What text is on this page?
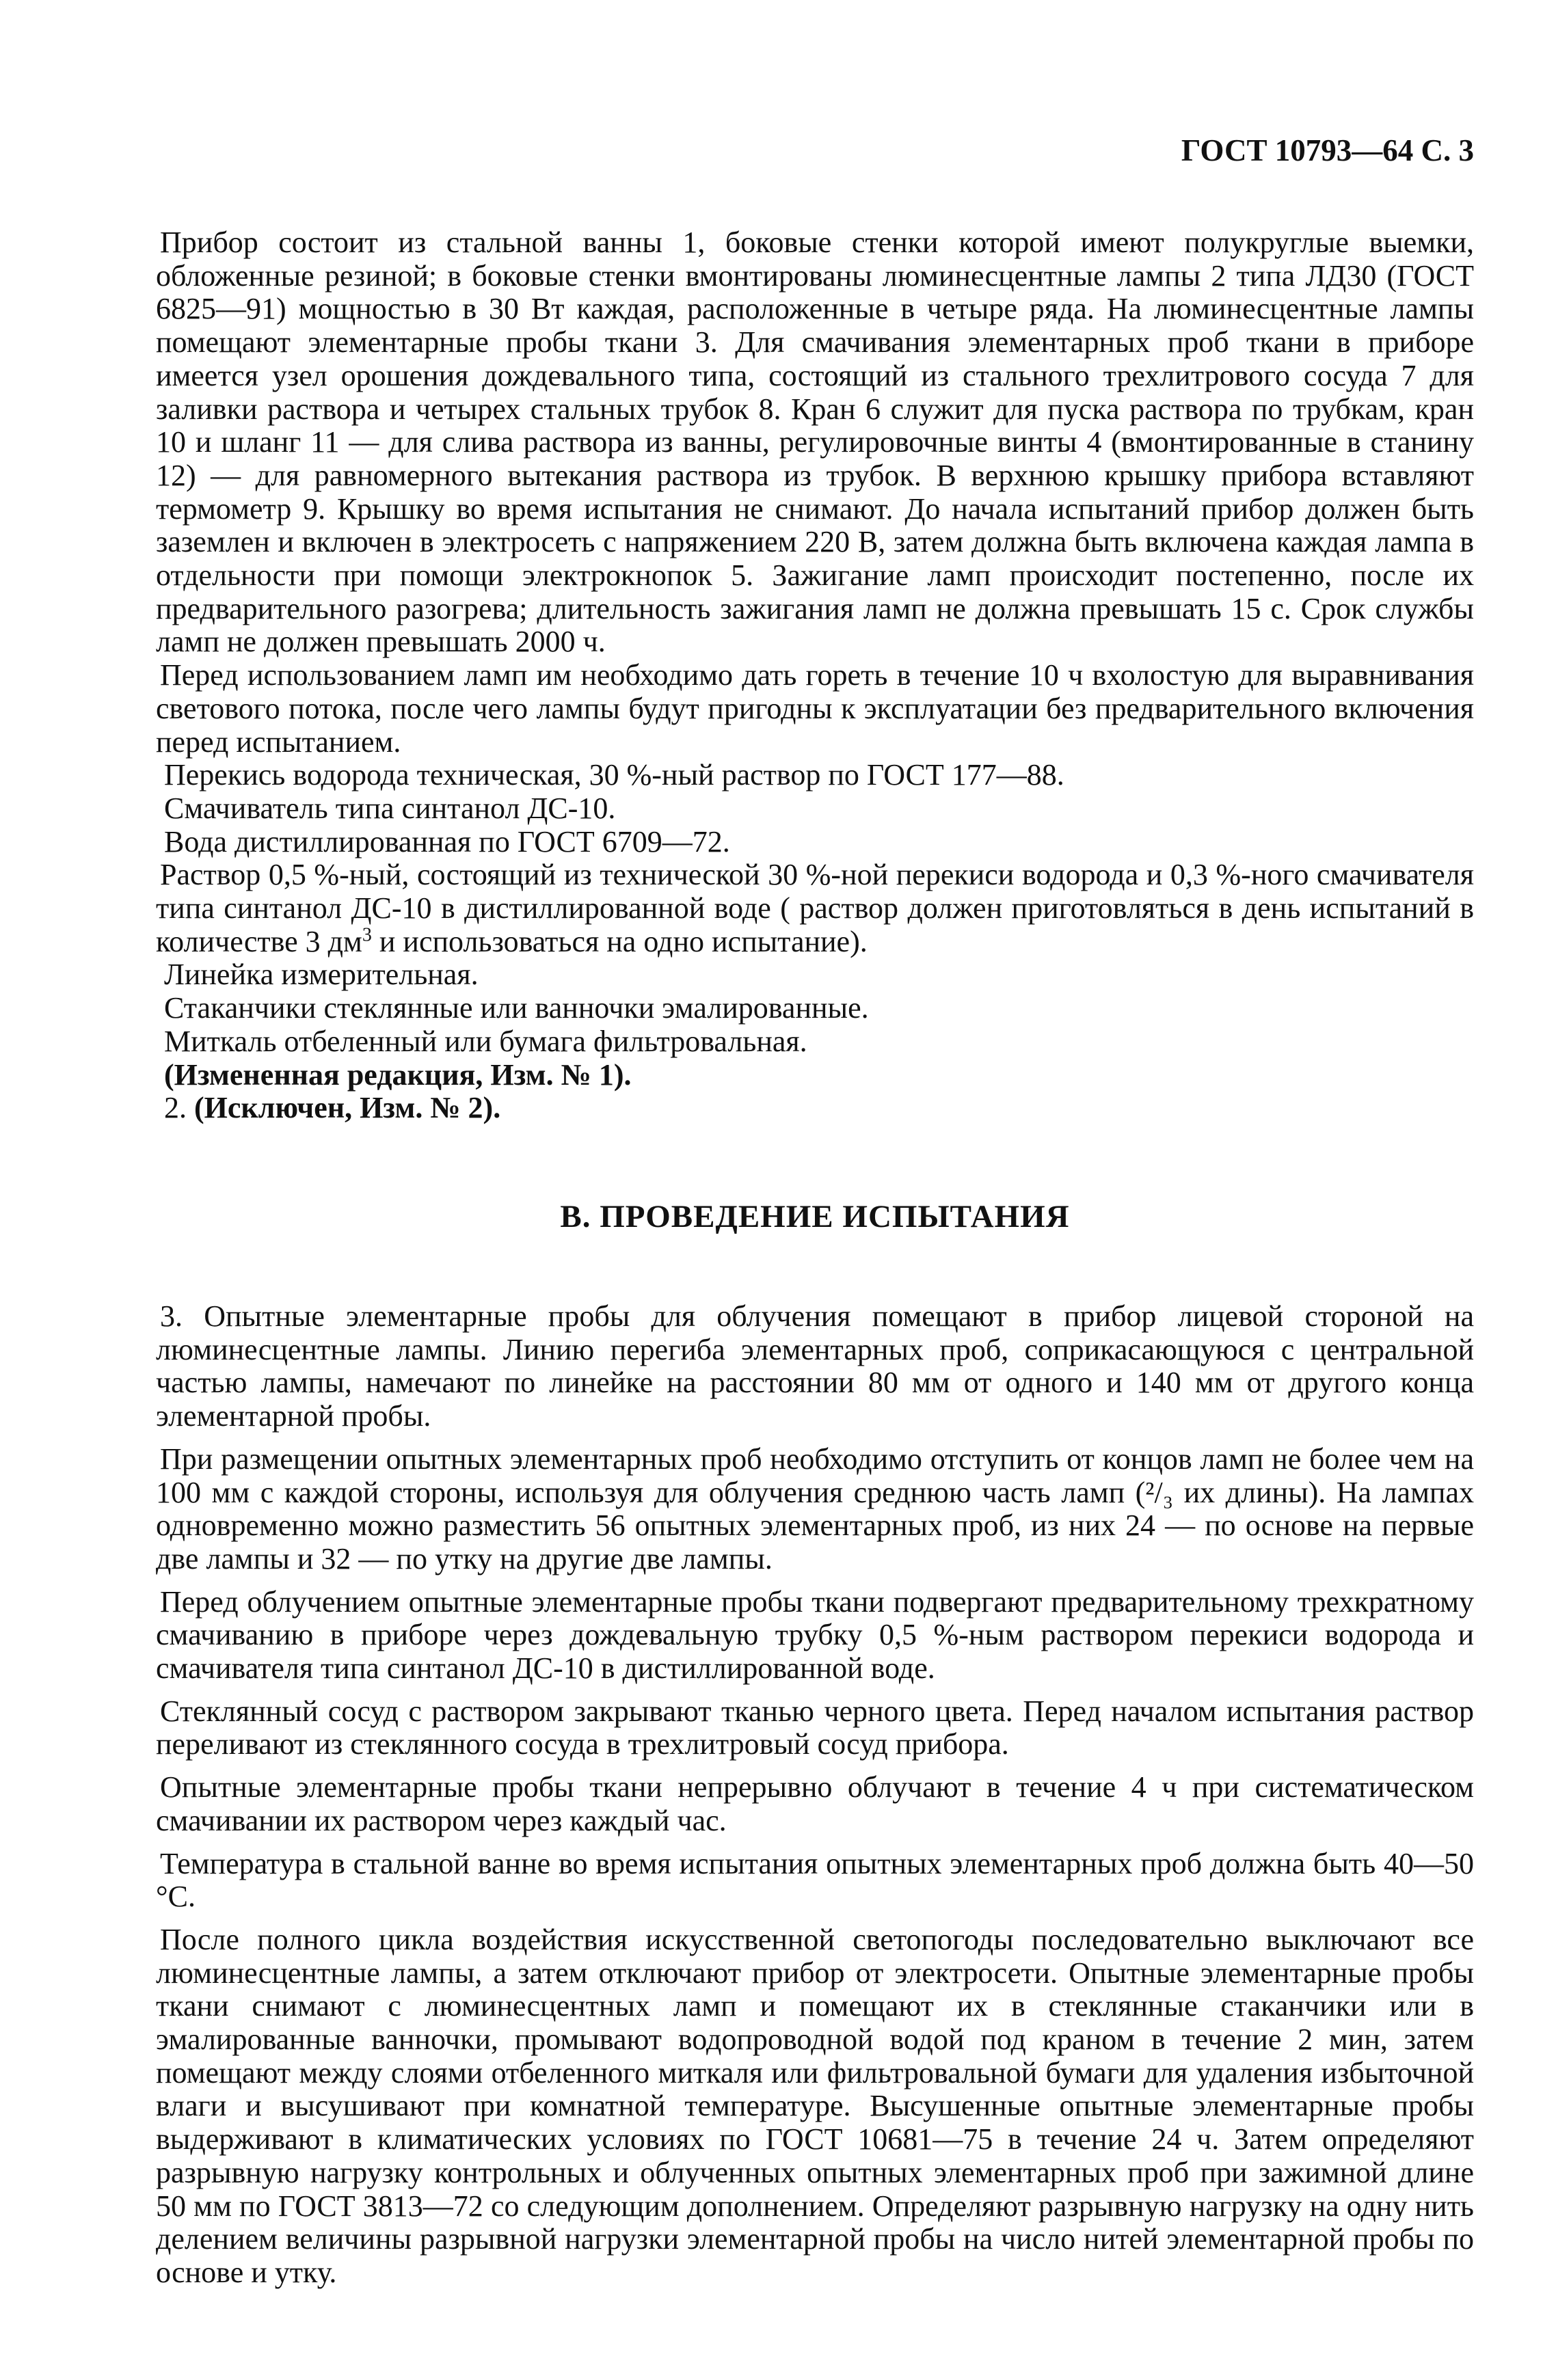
ГОСТ 10793—64 С. 3

Прибор состоит из стальной ванны 1, боковые стенки которой имеют полукруглые выемки, обложенные резиной; в боковые стенки вмонтированы люминесцентные лампы 2 типа ЛД30 (ГОСТ 6825—91) мощностью в 30 Вт каждая, расположенные в четыре ряда. На люминесцентные лампы помещают элементарные пробы ткани 3. Для смачивания элементарных проб ткани в приборе имеется узел орошения дождевального типа, состоящий из стального трехлитрового сосуда 7 для заливки раствора и четырех стальных трубок 8. Кран 6 служит для пуска раствора по трубкам, кран 10 и шланг 11 — для слива раствора из ванны, регулировочные винты 4 (вмонтированные в станину 12) — для равномерного вытекания раствора из трубок. В верхнюю крышку прибора вставляют термометр 9. Крышку во время испытания не снимают. До начала испытаний прибор должен быть заземлен и включен в электросеть с напряжением 220 В, затем должна быть включена каждая лампа в отдельности при помощи электрокнопок 5. Зажигание ламп происходит постепенно, после их предварительного разогрева; длительность зажигания ламп не должна превышать 15 с. Срок службы ламп не должен превышать 2000 ч.

Перед использованием ламп им необходимо дать гореть в течение 10 ч вхолостую для выравнивания светового потока, после чего лампы будут пригодны к эксплуатации без предварительного включения перед испытанием.

Перекись водорода техническая, 30 %-ный раствор по ГОСТ 177—88.

Смачиватель типа синтанол ДС-10.

Вода дистиллированная по ГОСТ 6709—72.

Раствор 0,5 %-ный, состоящий из технической 30 %-ной перекиси водорода и 0,3 %-ного смачивателя типа синтанол ДС-10 в дистиллированной воде ( раствор должен приготовляться в день испытаний в количестве 3 $дм^3$ и использоваться на одно испытание).

Линейка измерительная.

Стаканчики стеклянные или ванночки эмалированные.

Миткаль отбеленный или бумага фильтровальная.

(Измененная редакция, Изм. № 1).

2. (Исключен, Изм. № 2).

В. ПРОВЕДЕНИЕ ИСПЫТАНИЯ

3. Опытные элементарные пробы для облучения помещают в прибор лицевой стороной на люминесцентные лампы. Линию перегиба элементарных проб, соприкасающуюся с центральной частью лампы, намечают по линейке на расстоянии 80 мм от одного и 140 мм от другого конца элементарной пробы.

При размещении опытных элементарных проб необходимо отступить от концов ламп не более чем на 100 мм с каждой стороны, используя для облучения среднюю часть ламп (²/₃ их длины). На лампах одновременно можно разместить 56 опытных элементарных проб, из них 24 — по основе на первые две лампы и 32 — по утку на другие две лампы.

Перед облучением опытные элементарные пробы ткани подвергают предварительному трехкратному смачиванию в приборе через дождевальную трубку 0,5 %-ным раствором перекиси водорода и смачивателя типа синтанол ДС-10 в дистиллированной воде.

Стеклянный сосуд с раствором закрывают тканью черного цвета. Перед началом испытания раствор переливают из стеклянного сосуда в трехлитровый сосуд прибора.

Опытные элементарные пробы ткани непрерывно облучают в течение 4 ч при систематическом смачивании их раствором через каждый час.

Температура в стальной ванне во время испытания опытных элементарных проб должна быть 40—50 °С.

После полного цикла воздействия искусственной светопогоды последовательно выключают все люминесцентные лампы, а затем отключают прибор от электросети. Опытные элементарные пробы ткани снимают с люминесцентных ламп и помещают их в стеклянные стаканчики или в эмалированные ванночки, промывают водопроводной водой под краном в течение 2 мин, затем помещают между слоями отбеленного миткаля или фильтровальной бумаги для удаления избыточной влаги и высушивают при комнатной температуре. Высушенные опытные элементарные пробы выдерживают в климатических условиях по ГОСТ 10681—75 в течение 24 ч. Затем определяют разрывную нагрузку контрольных и облученных опытных элементарных проб при зажимной длине 50 мм по ГОСТ 3813—72 со следующим дополнением. Определяют разрывную нагрузку на одну нить делением величины разрывной нагрузки элементарной пробы на число нитей элементарной пробы по основе и утку.
